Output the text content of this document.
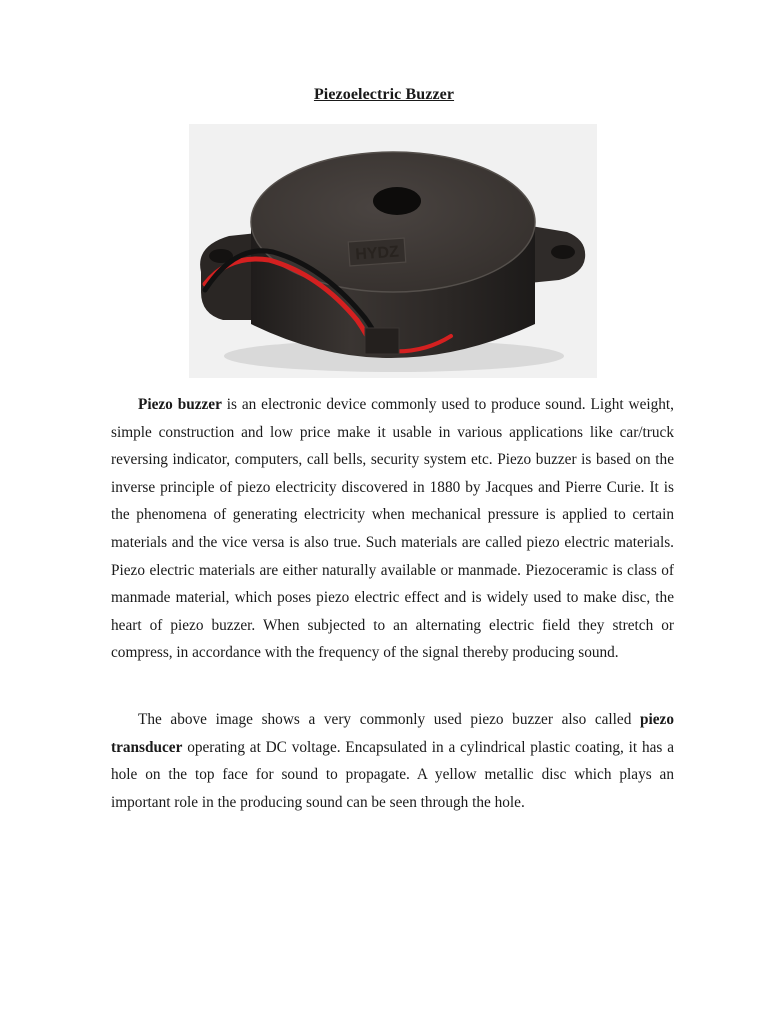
Piezoelectric Buzzer
HYDZ

Piezo buzzer is an electronic device commonly used to produce sound. Light weight, simple construction and low price make it usable in various applications like car/truck reversing indicator, computers, call bells, security system etc. Piezo buzzer is based on the inverse principle of piezo electricity discovered in 1880 by Jacques and Pierre Curie. It is the phenomena of generating electricity when mechanical pressure is applied to certain materials and the vice versa is also true. Such materials are called piezo electric materials. Piezo electric materials are either naturally available or manmade. Piezoceramic is class of manmade material, which poses piezo electric effect and is widely used to make disc, the heart of piezo buzzer. When subjected to an alternating electric field they stretch or compress, in accordance with the frequency of the signal thereby producing sound.

The above image shows a very commonly used piezo buzzer also called piezo transducer operating at DC voltage. Encapsulated in a cylindrical plastic coating, it has a hole on the top face for sound to propagate. A yellow metallic disc which plays an important role in the producing sound can be seen through the hole.
